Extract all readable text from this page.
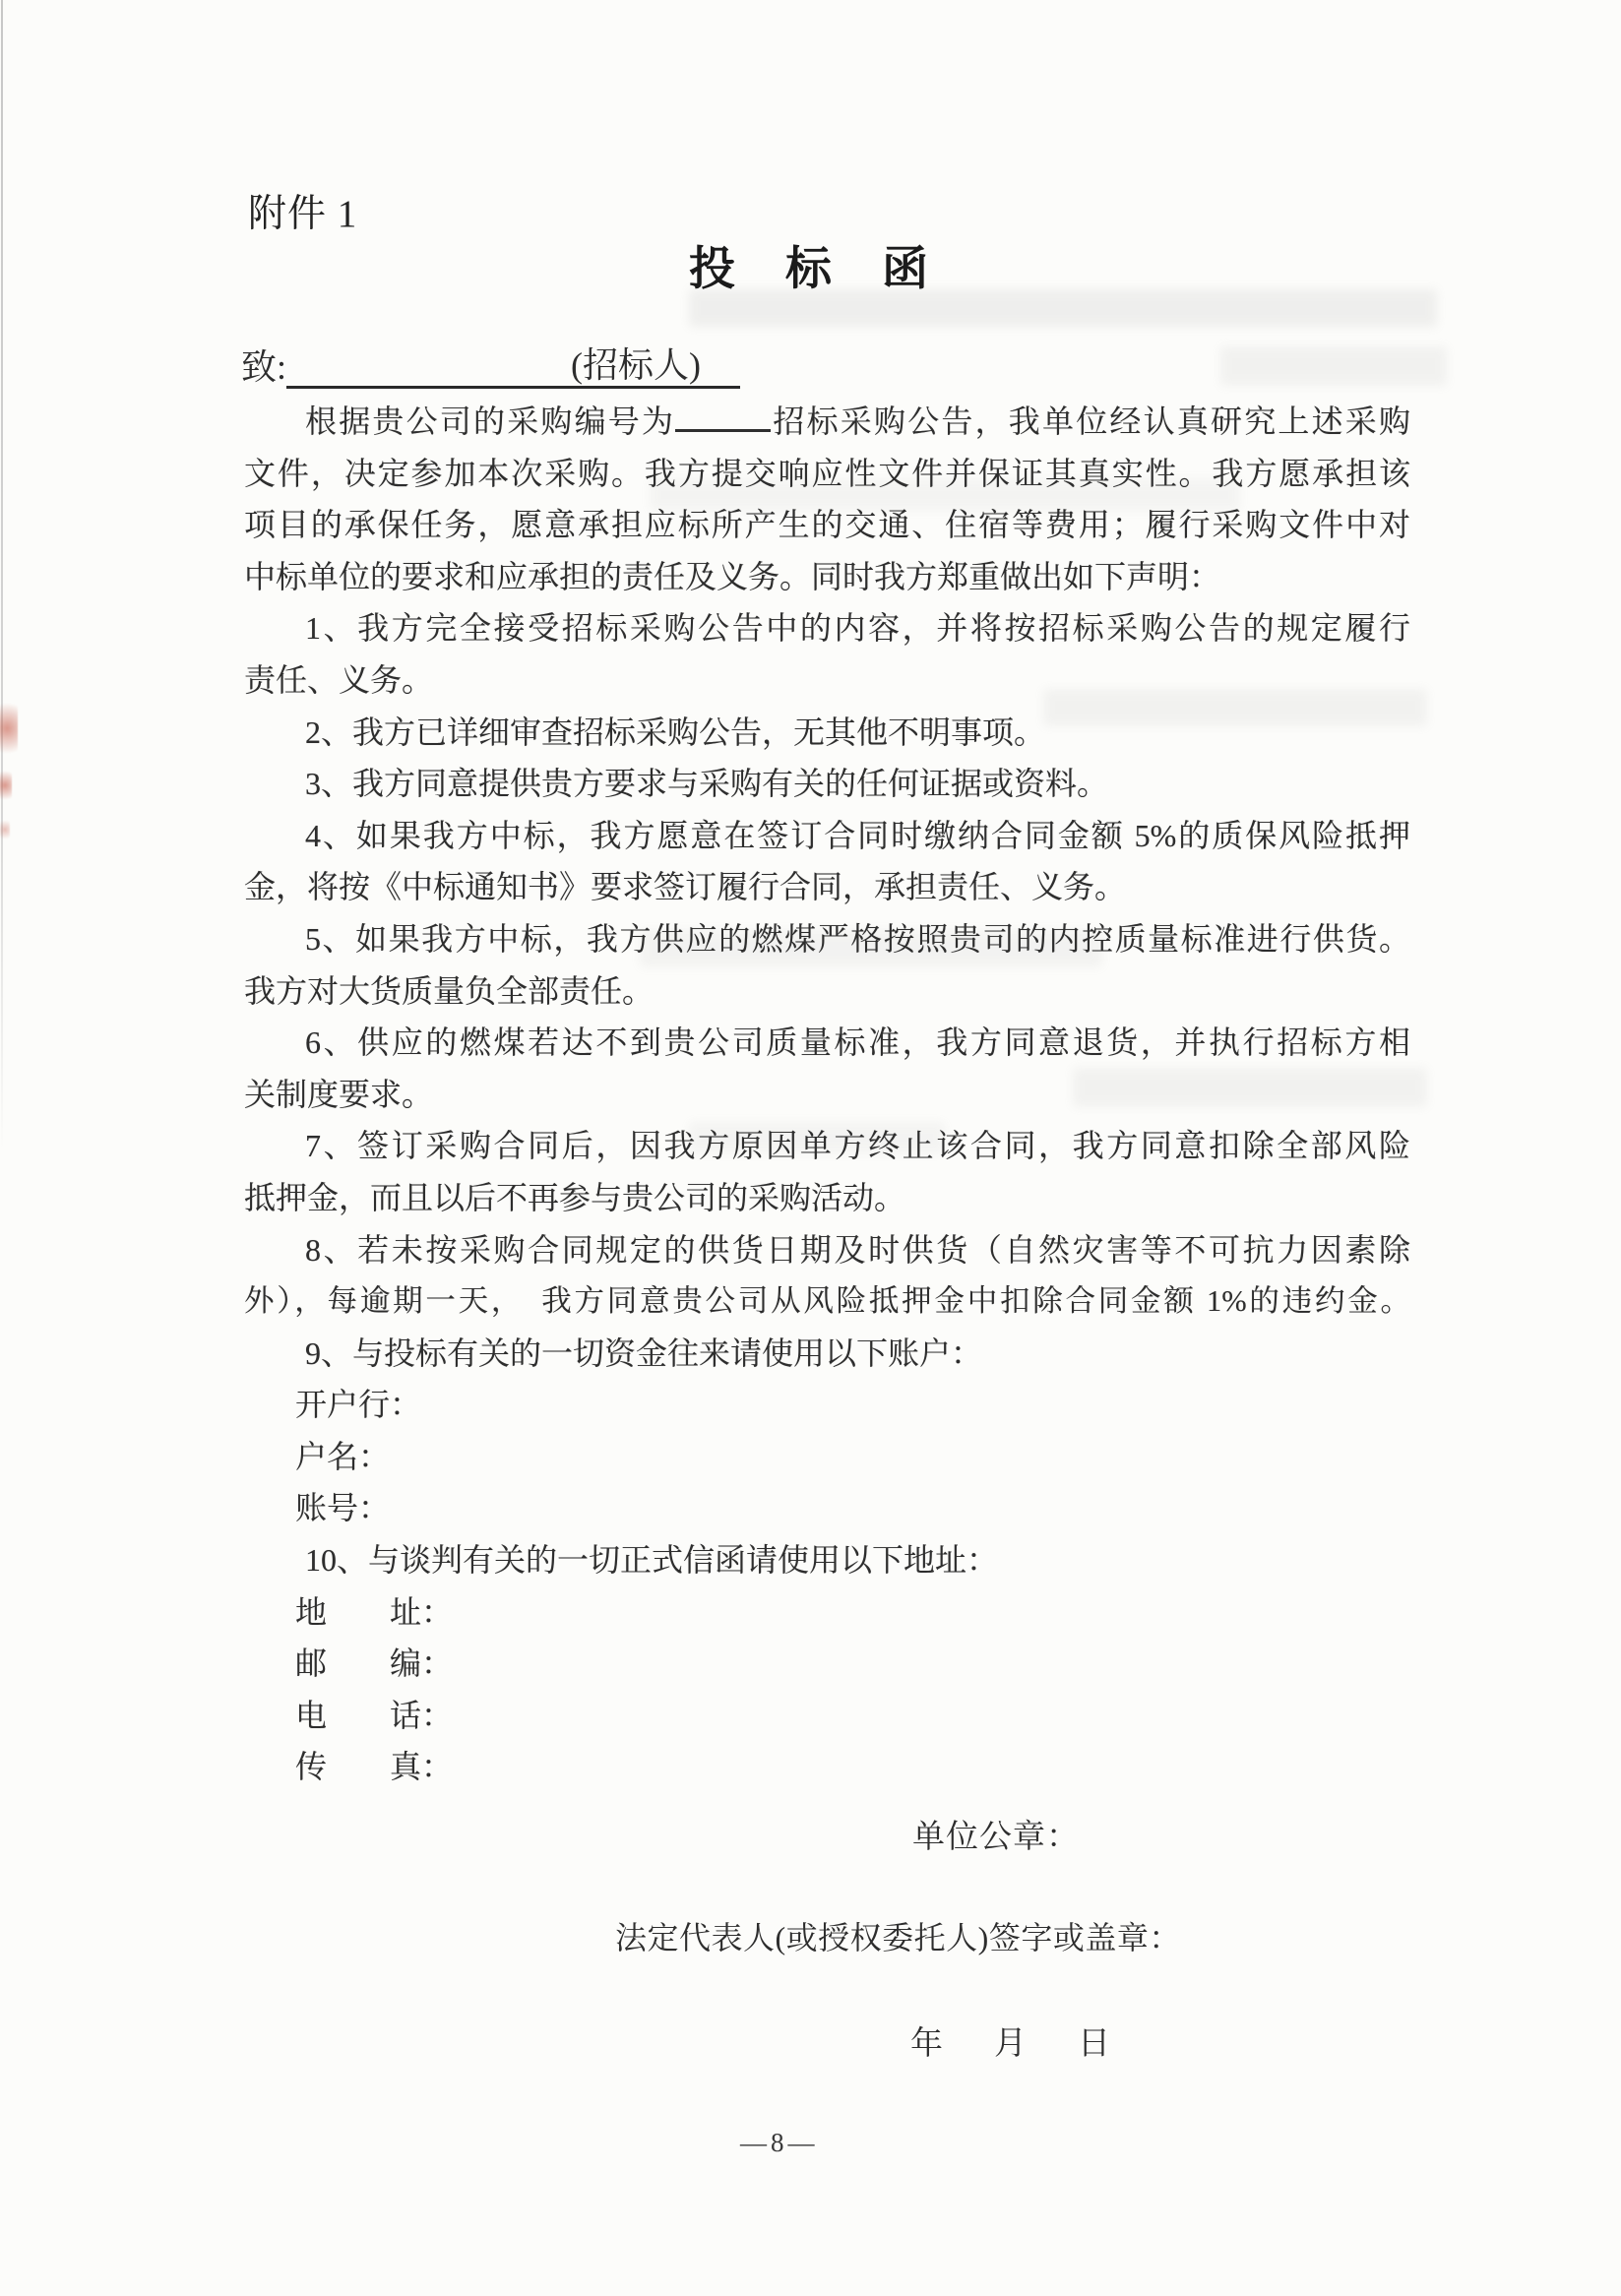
附件 1
投　标　函
致:	(招标人)
根据贵公司的采购编号为	招标采购公告，我单位经认真研究上述采购
文件，决定参加本次采购。我方提交响应性文件并保证其真实性。我方愿承担该
项目的承保任务，愿意承担应标所产生的交通、住宿等费用；履行采购文件中对
中标单位的要求和应承担的责任及义务。同时我方郑重做出如下声明：
1、我方完全接受招标采购公告中的内容，并将按招标采购公告的规定履行
责任、义务。
2、我方已详细审查招标采购公告，无其他不明事项。
3、我方同意提供贵方要求与采购有关的任何证据或资料。
4、如果我方中标，我方愿意在签订合同时缴纳合同金额 5%的质保风险抵押
金，将按《中标通知书》要求签订履行合同，承担责任、义务。
5、如果我方中标，我方供应的燃煤严格按照贵司的内控质量标准进行供货。
我方对大货质量负全部责任。
6、供应的燃煤若达不到贵公司质量标准，我方同意退货，并执行招标方相
关制度要求。
7、签订采购合同后，因我方原因单方终止该合同，我方同意扣除全部风险
抵押金，而且以后不再参与贵公司的采购活动。
8、若未按采购合同规定的供货日期及时供货（自然灾害等不可抗力因素除
外），每逾期一天，　我方同意贵公司从风险抵押金中扣除合同金额 1%的违约金。
9、与投标有关的一切资金往来请使用以下账户：
开户行：
户名：
账号：
10、与谈判有关的一切正式信函请使用以下地址：
地　　址：
邮　　编：
电　　话：
传　　真：
单位公章：
法定代表人(或授权委托人)签字或盖章：
年 月 日
—8—
